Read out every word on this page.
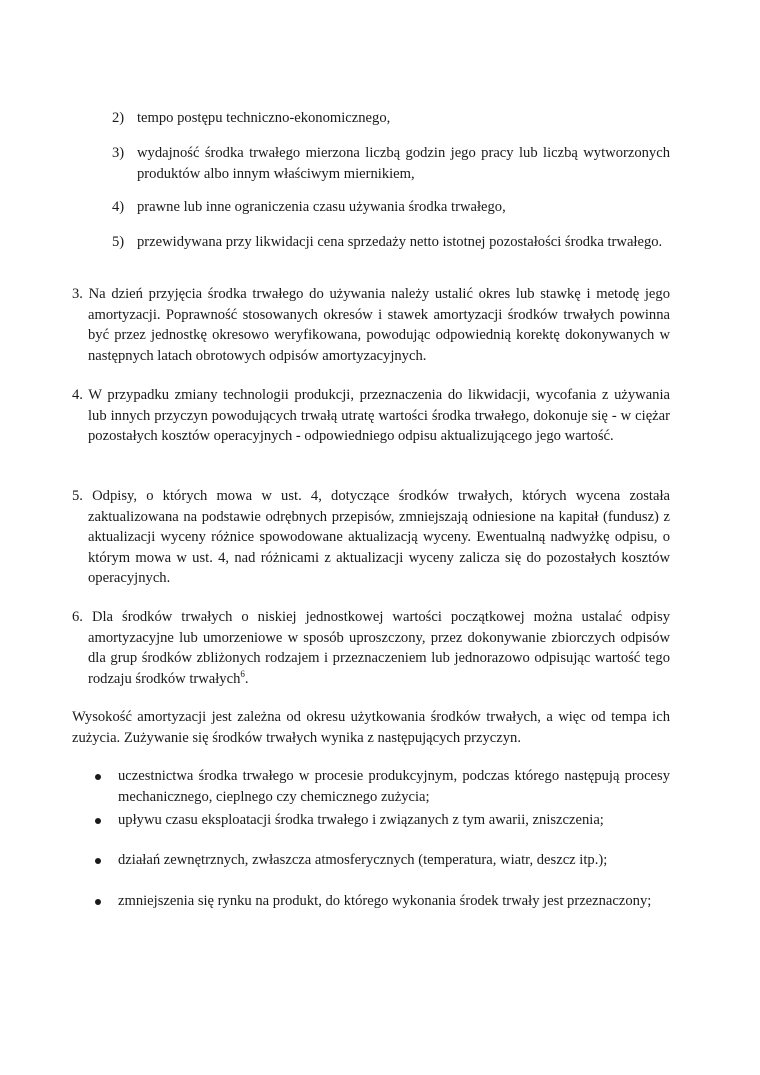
2) tempo postępu techniczno-ekonomicznego,
3) wydajność środka trwałego mierzona liczbą godzin jego pracy lub liczbą wytworzonych produktów albo innym właściwym miernikiem,
4) prawne lub inne ograniczenia czasu używania środka trwałego,
5) przewidywana przy likwidacji cena sprzedaży netto istotnej pozostałości środka trwałego.
3. Na dzień przyjęcia środka trwałego do używania należy ustalić okres lub stawkę i metodę jego amortyzacji. Poprawność stosowanych okresów i stawek amortyzacji środków trwałych powinna być przez jednostkę okresowo weryfikowana, powodując odpowiednią korektę dokonywanych w następnych latach obrotowych odpisów amortyzacyjnych.
4. W przypadku zmiany technologii produkcji, przeznaczenia do likwidacji, wycofania z używania lub innych przyczyn powodujących trwałą utratę wartości środka trwałego, dokonuje się - w ciężar pozostałych kosztów operacyjnych - odpowiedniego odpisu aktualizującego jego wartość.
5. Odpisy, o których mowa w ust. 4, dotyczące środków trwałych, których wycena została zaktualizowana na podstawie odrębnych przepisów, zmniejszają odniesione na kapitał (fundusz) z aktualizacji wyceny różnice spowodowane aktualizacją wyceny. Ewentualną nadwyżkę odpisu, o którym mowa w ust. 4, nad różnicami z aktualizacji wyceny zalicza się do pozostałych kosztów operacyjnych.
6. Dla środków trwałych o niskiej jednostkowej wartości początkowej można ustalać odpisy amortyzacyjne lub umorzeniowe w sposób uproszczony, przez dokonywanie zbiorczych odpisów dla grup środków zbliżonych rodzajem i przeznaczeniem lub jednorazowo odpisując wartość tego rodzaju środków trwałych$^6$.
Wysokość amortyzacji jest zależna od okresu użytkowania środków trwałych, a więc od tempa ich zużycia. Zużywanie się środków trwałych wynika z następujących przyczyn.
uczestnictwa środka trwałego w procesie produkcyjnym, podczas którego następują procesy mechanicznego, cieplnego czy chemicznego zużycia;
upływu czasu eksploatacji środka trwałego i związanych z tym awarii, zniszczenia;
działań zewnętrznych, zwłaszcza atmosferycznych (temperatura, wiatr, deszcz itp.);
zmniejszenia się rynku na produkt, do którego wykonania środek trwały jest przeznaczony;
